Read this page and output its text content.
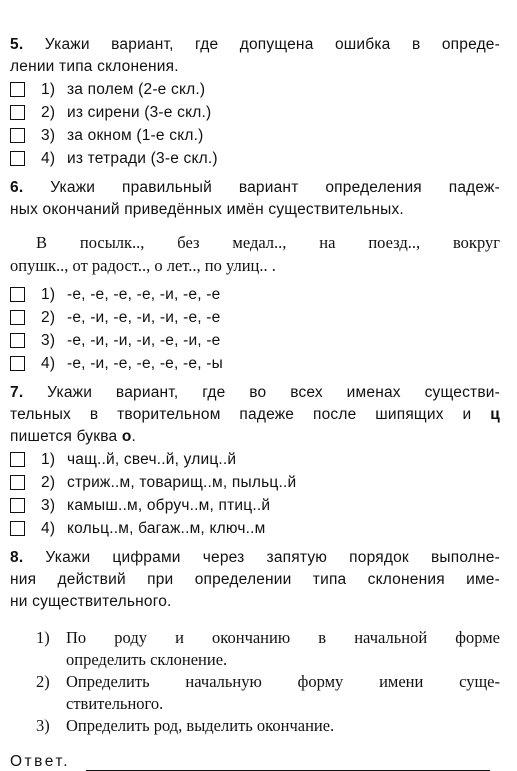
5. Укажи вариант, где допущена ошибка в опреде-

лении типа склонения.

1) за полем (2-е скл.)
2) из сирени (3-е скл.)
3) за окном (1-е скл.)
4) из тетради (3-е скл.)

6. Укажи правильный вариант определения падеж-

ных окончаний приведённых имён существительных.

В посылк.., без медал.., на поезд.., вокруг
опушк.., от радост.., о лет.., по улиц.. .
1) -е, -е, -е, -е, -и, -е, -е
2) -е, -и, -е, -и, -и, -е, -е
3) -е, -и, -и, -и, -е, -и, -е
4) -е, -и, -е, -е, -е, -е, -ы

7. Укажи вариант, где во всех именах существи-

тельных в творительном падеже после шипящих и ц

пишется буква о.

1) чащ..й, свеч..й, улиц..й
2) стриж..м, товарищ..м, пыльц..й
3) камыш..м, обруч..м, птиц..й
4) кольц..м, багаж..м, ключ..м

8. Укажи цифрами через запятую порядок выполне-

ния действий при определении типа склонения име-

ни существительного.

1) По роду и окончанию в начальной форме
определить склонение.
2) Определить начальную форму имени суще-
ствительного.
3) Определить род, выделить окончание.
Ответ.
